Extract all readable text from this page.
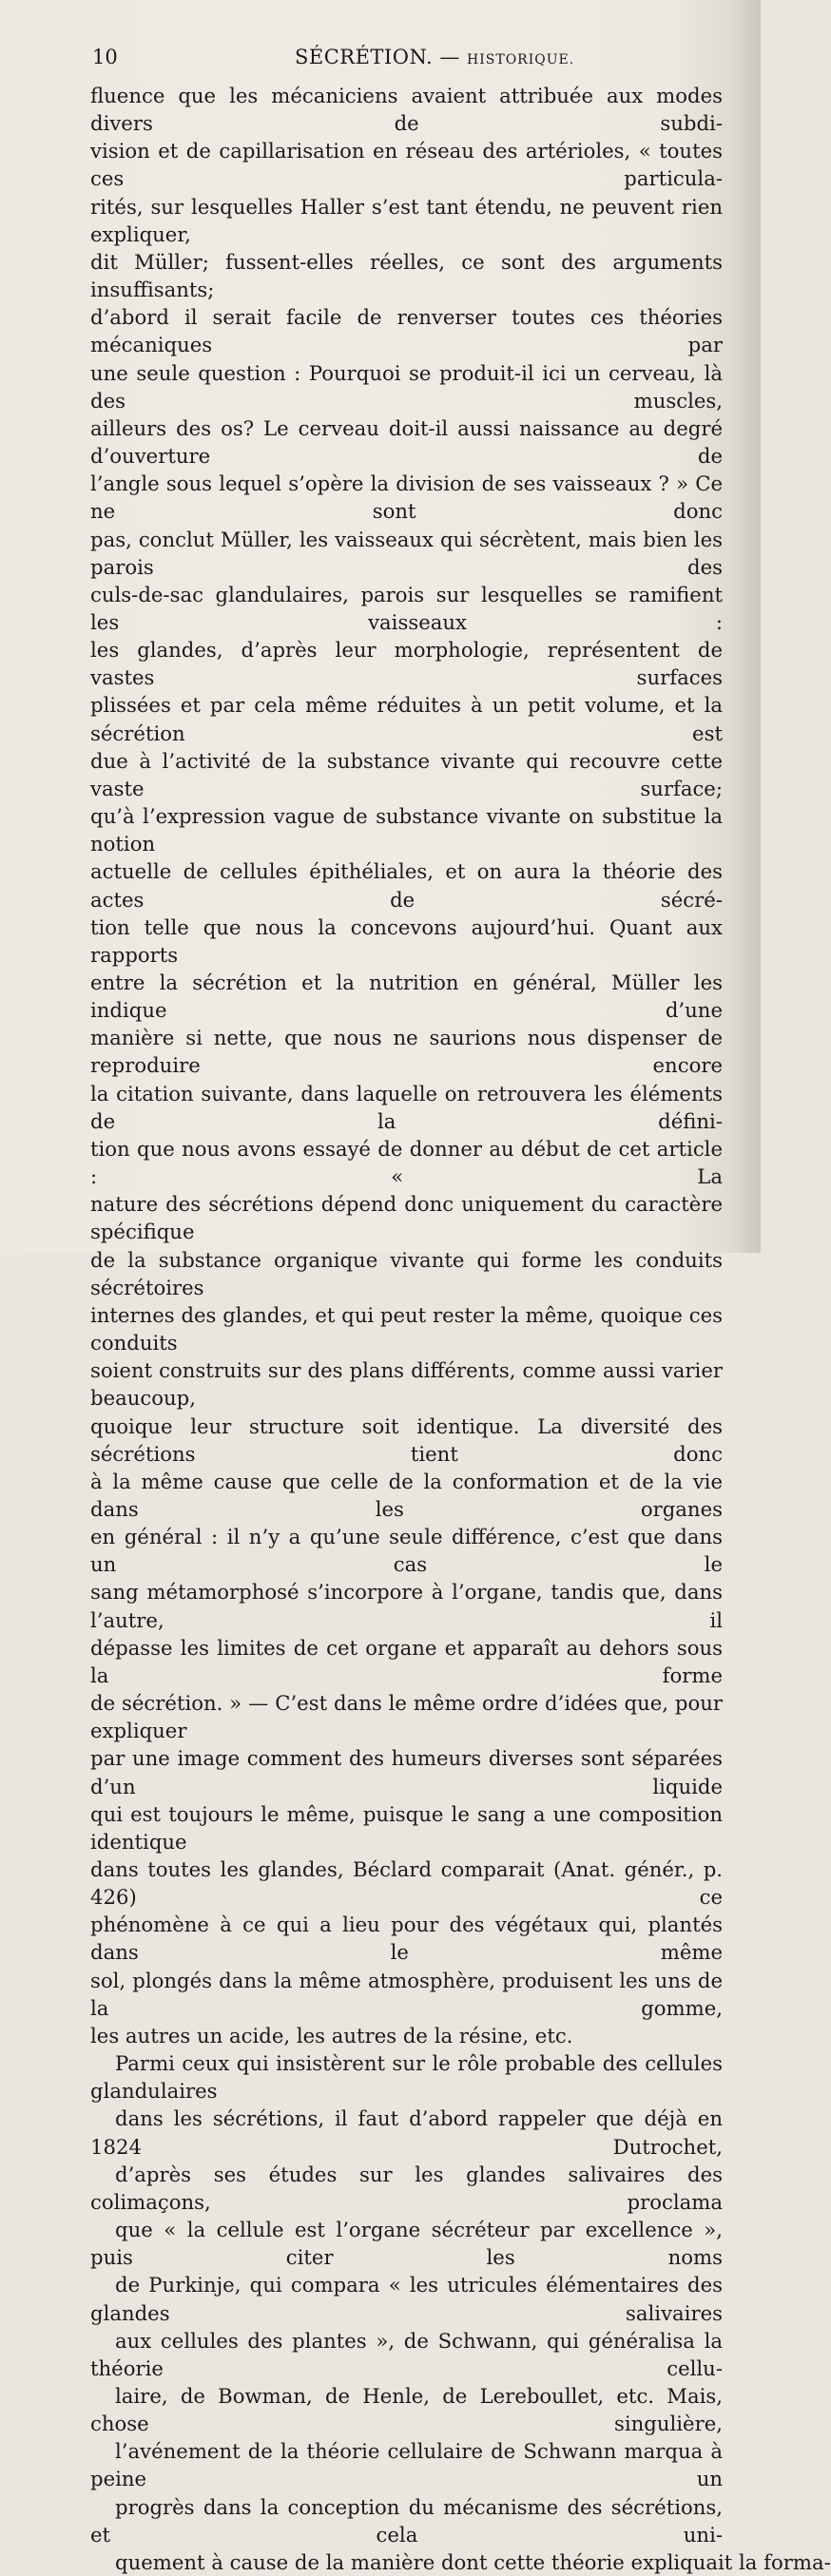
10	SÉCRÉTION. — HISTORIQUE.
fluence que les mécaniciens avaient attribuée aux modes divers de subdi-
vision et de capillarisation en réseau des artérioles, « toutes ces particula-
rités, sur lesquelles Haller s’est tant étendu, ne peuvent rien expliquer,
dit Müller; fussent-elles réelles, ce sont des arguments insuffisants;
d’abord il serait facile de renverser toutes ces théories mécaniques par
une seule question : Pourquoi se produit-il ici un cerveau, là des muscles,
ailleurs des os? Le cerveau doit-il aussi naissance au degré d’ouverture de
l’angle sous lequel s’opère la division de ses vaisseaux ? » Ce ne sont donc
pas, conclut Müller, les vaisseaux qui sécrètent, mais bien les parois des
culs-de-sac glandulaires, parois sur lesquelles se ramifient les vaisseaux :
les glandes, d’après leur morphologie, représentent de vastes surfaces
plissées et par cela même réduites à un petit volume, et la sécrétion est
due à l’activité de la substance vivante qui recouvre cette vaste surface;
qu’à l’expression vague de substance vivante on substitue la notion
actuelle de cellules épithéliales, et on aura la théorie des actes de sécré-
tion telle que nous la concevons aujourd’hui. Quant aux rapports
entre la sécrétion et la nutrition en général, Müller les indique d’une
manière si nette, que nous ne saurions nous dispenser de reproduire encore
la citation suivante, dans laquelle on retrouvera les éléments de la défini-
tion que nous avons essayé de donner au début de cet article : « La
nature des sécrétions dépend donc uniquement du caractère spécifique
de la substance organique vivante qui forme les conduits sécrétoires
internes des glandes, et qui peut rester la même, quoique ces conduits
soient construits sur des plans différents, comme aussi varier beaucoup,
quoique leur structure soit identique. La diversité des sécrétions tient donc
à la même cause que celle de la conformation et de la vie dans les organes
en général : il n’y a qu’une seule différence, c’est que dans un cas le
sang métamorphosé s’incorpore à l’organe, tandis que, dans l’autre, il
dépasse les limites de cet organe et apparaît au dehors sous la forme
de sécrétion. » — C’est dans le même ordre d’idées que, pour expliquer
par une image comment des humeurs diverses sont séparées d’un liquide
qui est toujours le même, puisque le sang a une composition identique
dans toutes les glandes, Béclard comparait (Anat. génér., p. 426) ce
phénomène à ce qui a lieu pour des végétaux qui, plantés dans le même
sol, plongés dans la même atmosphère, produisent les uns de la gomme,
les autres un acide, les autres de la résine, etc.
Parmi ceux qui insistèrent sur le rôle probable des cellules glandulaires
dans les sécrétions, il faut d’abord rappeler que déjà en 1824 Dutrochet,
d’après ses études sur les glandes salivaires des colimaçons, proclama
que « la cellule est l’organe sécréteur par excellence », puis citer les noms
de Purkinje, qui compara « les utricules élémentaires des glandes salivaires
aux cellules des plantes », de Schwann, qui généralisa la théorie cellu-
laire, de Bowman, de Henle, de Lereboullet, etc. Mais, chose singulière,
l’avénement de la théorie cellulaire de Schwann marqua à peine un
progrès dans la conception du mécanisme des sécrétions, et cela uni-
quement à cause de la manière dont cette théorie expliquait la forma-
